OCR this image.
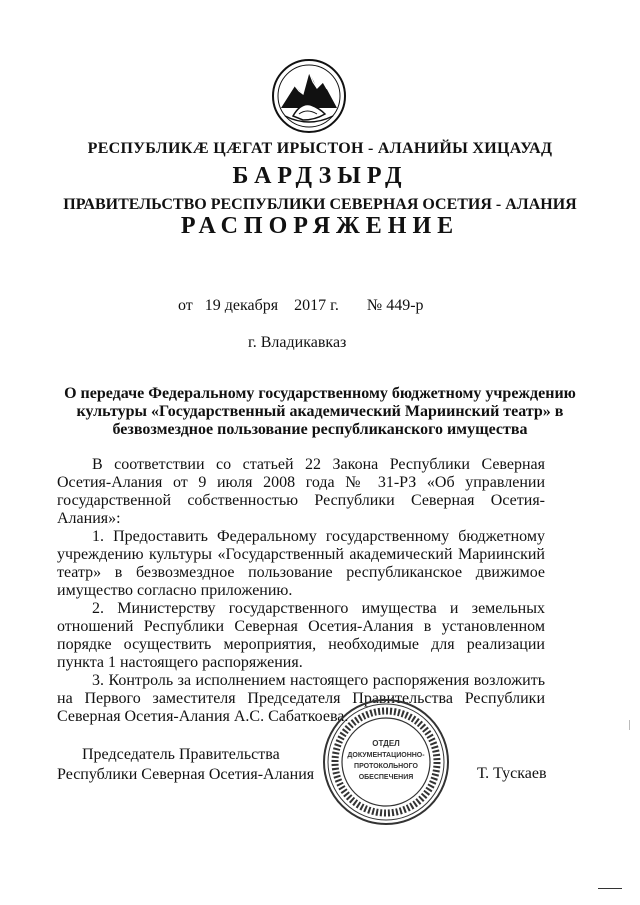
РЕСПУБЛИКÆ ЦÆГАТ ИРЫСТОН - АЛАНИЙЫ ХИЦАУАД
БАРДЗЫРД
ПРАВИТЕЛЬСТВО РЕСПУБЛИКИ СЕВЕРНАЯ ОСЕТИЯ - АЛАНИЯ
РАСПОРЯЖЕНИЕ
от 19 декабря 2017 г. № 449-р
г. Владикавказ
О передаче Федеральному государственному бюджетному учреждению культуры «Государственный академический Мариинский театр» в безвозмездное пользование республиканского имущества

В соответствии со статьей 22 Закона Республики Северная Осетия-Алания от 9 июля 2008 года № 31-РЗ «Об управлении государственной собственностью Республики Северная Осетия-Алания»:

1. Предоставить Федеральному государственному бюджетному учреждению культуры «Государственный академический Мариинский театр» в безвозмездное пользование республиканское движимое имущество согласно приложению.

2. Министерству государственного имущества и земельных отношений Республики Северная Осетия-Алания в установленном порядке осуществить мероприятия, необходимые для реализации пункта 1 настоящего распоряжения.

3. Контроль за исполнением настоящего распоряжения возложить на Первого заместителя Председателя Правительства Республики Северная Осетия-Алания А.С. Сабаткоева.

Председатель Правительства
Республики Северная Осетия-Алания
ОТДЕЛ
ДОКУМЕНТАЦИОННО-
ПРОТОКОЛЬНОГО
ОБЕСПЕЧЕНИЯ	Т. Тускаев
